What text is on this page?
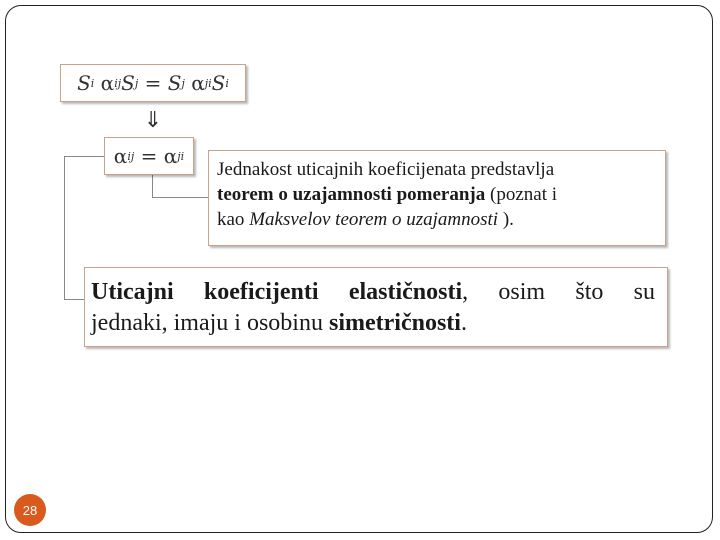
S i
α ij S j
=
S j
α ji S i
⇓
α ij
=
α ji
Jednakost uticajnih koeficijenata predstavlja
teorem o uzajamnosti pomeranja (poznat i
kao Maksvelov teorem o uzajamnosti ).
Uticajni koeficijenti elastičnosti, osim što su
jednaki, imaju i osobinu simetričnosti.
28
